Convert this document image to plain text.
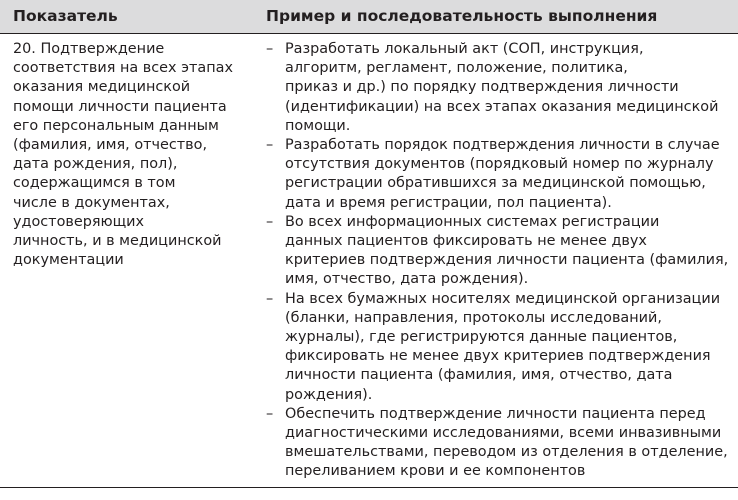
Показатель	Пример и последовательность выполнения
20. Подтверждение
соответствия на всех этапах
оказания медицинской
помощи личности пациента
его персональным данным
(фамилия, имя, отчество,
дата рождения, пол),
содержащимся в том
числе в документах,
удостоверяющих
личность, и в медицинской
документации
– Разработать локальный акт (СОП, инструкция,
алгоритм, регламент, положение, политика,
приказ и др.) по порядку подтверждения личности
(идентификации) на всех этапах оказания медицинской
помощи.
– Разработать порядок подтверждения личности в случае
отсутствия документов (порядковый номер по журналу
регистрации обратившихся за медицинской помощью,
дата и время регистрации, пол пациента).
– Во всех информационных системах регистрации
данных пациентов фиксировать не менее двух
критериев подтверждения личности пациента (фамилия,
имя, отчество, дата рождения).
– На всех бумажных носителях медицинской организации
(бланки, направления, протоколы исследований,
журналы), где регистрируются данные пациентов,
фиксировать не менее двух критериев подтверждения
личности пациента (фамилия, имя, отчество, дата
рождения).
– Обеспечить подтверждение личности пациента перед
диагностическими исследованиями, всеми инвазивными
вмешательствами, переводом из отделения в отделение,
переливанием крови и ее компонентов
